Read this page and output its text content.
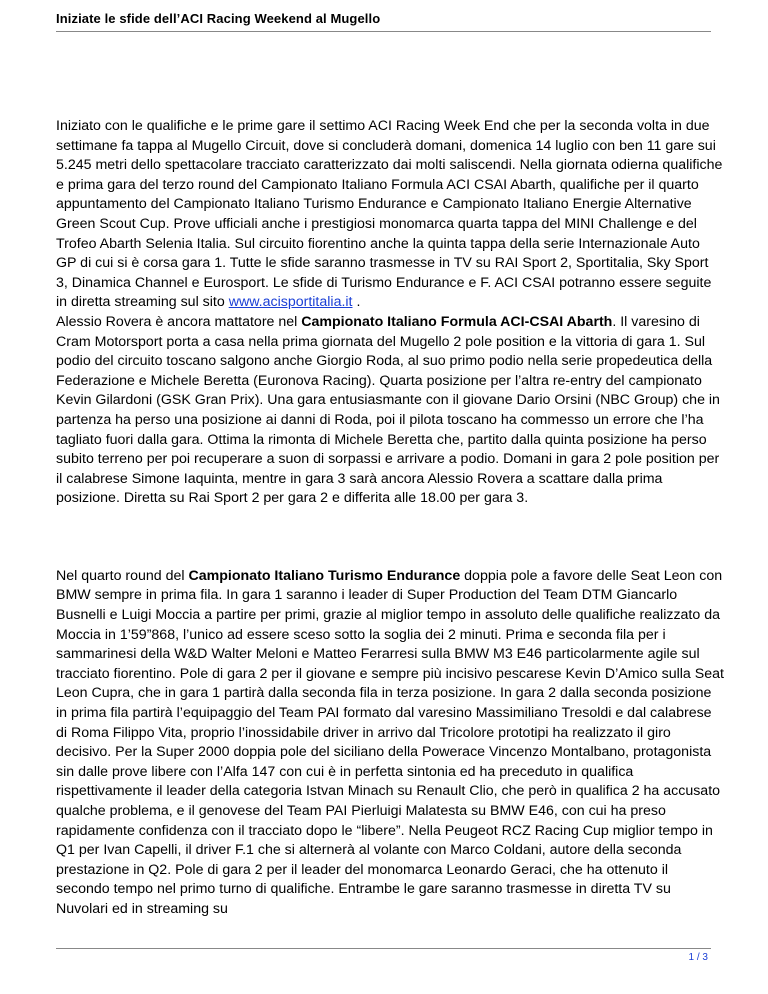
Iniziate le sfide dell’ACI Racing Weekend al Mugello

Iniziato con le qualifiche e le prime gare il settimo ACI Racing Week End che per la seconda volta in due settimane fa tappa al Mugello Circuit, dove si concluderà domani, domenica 14 luglio con ben 11 gare sui 5.245 metri dello spettacolare tracciato caratterizzato dai molti saliscendi. Nella giornata odierna qualifiche e prima gara del terzo round del Campionato Italiano Formula ACI CSAI Abarth, qualifiche per il quarto appuntamento del Campionato Italiano Turismo Endurance e Campionato Italiano Energie Alternative Green Scout Cup. Prove ufficiali anche i prestigiosi monomarca quarta tappa del MINI Challenge e del Trofeo Abarth Selenia Italia. Sul circuito fiorentino anche la quinta tappa della serie Internazionale Auto GP di cui si è corsa gara 1. Tutte le sfide saranno trasmesse in TV su RAI Sport 2, Sportitalia, Sky Sport 3, Dinamica Channel e Eurosport. Le sfide di Turismo Endurance e F. ACI CSAI potranno essere seguite in diretta streaming sul sito www.acisportitalia.it .

Alessio Rovera è ancora mattatore nel Campionato Italiano Formula ACI-CSAI Abarth. Il varesino di Cram Motorsport porta a casa nella prima giornata del Mugello 2 pole position e la vittoria di gara 1. Sul podio del circuito toscano salgono anche Giorgio Roda, al suo primo podio nella serie propedeutica della Federazione e Michele Beretta (Euronova Racing). Quarta posizione per l’altra re-entry del campionato Kevin Gilardoni (GSK Gran Prix). Una gara entusiasmante con il giovane Dario Orsini (NBC Group) che in partenza ha perso una posizione ai danni di Roda, poi il pilota toscano ha commesso un errore che l’ha tagliato fuori dalla gara. Ottima la rimonta di Michele Beretta che, partito dalla quinta posizione ha perso subito terreno per poi recuperare a suon di sorpassi e arrivare a podio. Domani in gara 2 pole position per il calabrese Simone Iaquinta, mentre in gara 3 sarà ancora Alessio Rovera a scattare dalla prima posizione. Diretta su Rai Sport 2 per gara 2 e differita alle 18.00 per gara 3.

Nel quarto round del Campionato Italiano Turismo Endurance doppia pole a favore delle Seat Leon con BMW sempre in prima fila. In gara 1 saranno i leader di Super Production del Team DTM Giancarlo Busnelli e Luigi Moccia a partire per primi, grazie al miglior tempo in assoluto delle qualifiche realizzato da Moccia in 1’59”868, l’unico ad essere sceso sotto la soglia dei 2 minuti. Prima e seconda fila per i sammarinesi della W&D Walter Meloni e Matteo Ferarresi sulla BMW M3 E46 particolarmente agile sul tracciato fiorentino. Pole di gara 2 per il giovane e sempre più incisivo pescarese Kevin D’Amico sulla Seat Leon Cupra, che in gara 1 partirà dalla seconda fila in terza posizione. In gara 2 dalla seconda posizione in prima fila partirà l’equipaggio del Team PAI formato dal varesino Massimiliano Tresoldi e dal calabrese di Roma Filippo Vita, proprio l’inossidabile driver in arrivo dal Tricolore prototipi ha realizzato il giro decisivo. Per la Super 2000 doppia pole del siciliano della Powerace Vincenzo Montalbano, protagonista sin dalle prove libere con l’Alfa 147 con cui è in perfetta sintonia ed ha preceduto in qualifica rispettivamente il leader della categoria Istvan Minach su Renault Clio, che però in qualifica 2 ha accusato qualche problema, e il genovese del Team PAI Pierluigi Malatesta su BMW E46, con cui ha preso rapidamente confidenza con il tracciato dopo le “libere”. Nella Peugeot RCZ Racing Cup miglior tempo in Q1 per Ivan Capelli, il driver F.1 che si alternerà al volante con Marco Coldani, autore della seconda prestazione in Q2. Pole di gara 2 per il leader del monomarca Leonardo Geraci, che ha ottenuto il secondo tempo nel primo turno di qualifiche. Entrambe le gare saranno trasmesse in diretta TV su Nuvolari ed in streaming su

1 / 3
